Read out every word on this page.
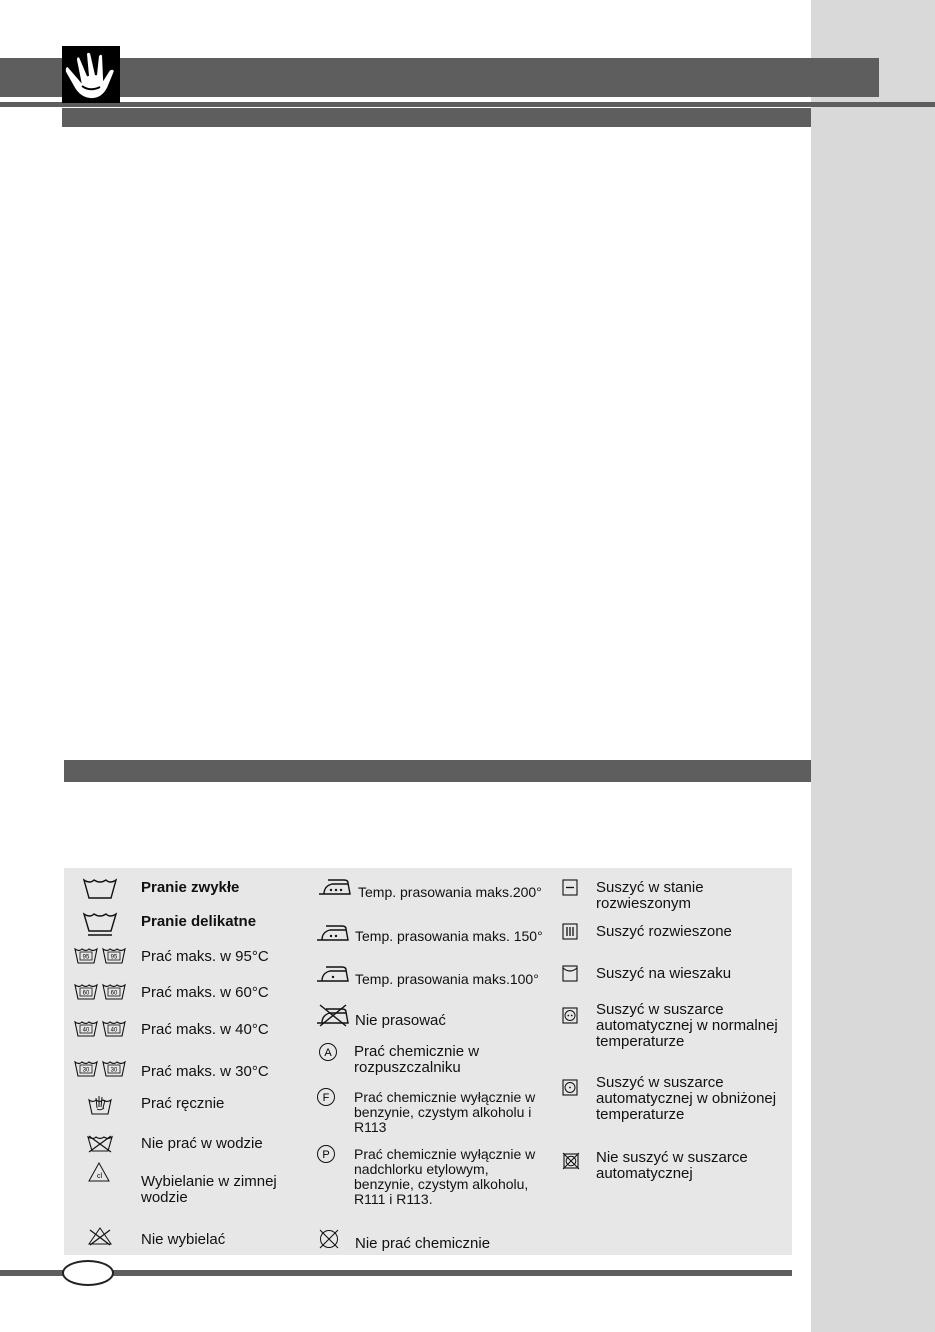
Pranie zwykłe
Pranie delikatne
95	95 Prać maks. w 95°C
60	60 Prać maks. w 60°C
40	40 Prać maks. w 40°C
30	30 Prać maks. w 30°C
Prać ręcznie
Nie prać w wodzie
cl	Wybielanie w zimnej
wodzie
Nie wybielać
Temp. prasowania maks.200°
Temp. prasowania maks. 150°
Temp. prasowania maks.100°
Nie prasować
A Prać chemicznie w
rozpuszczalniku
F Prać chemicznie wyłącznie w
benzynie, czystym alkoholu i
R113
P Prać chemicznie wyłącznie w
nadchlorku etylowym,
benzynie, czystym alkoholu,
R111 i R113.
Nie prać chemicznie
Suszyć w stanie
rozwieszonym
Suszyć rozwieszone
Suszyć na wieszaku
Suszyć w suszarce
automatycznej w normalnej
temperaturze
Suszyć w suszarce
automatycznej w obniżonej
temperaturze
Nie suszyć w suszarce
automatycznej
